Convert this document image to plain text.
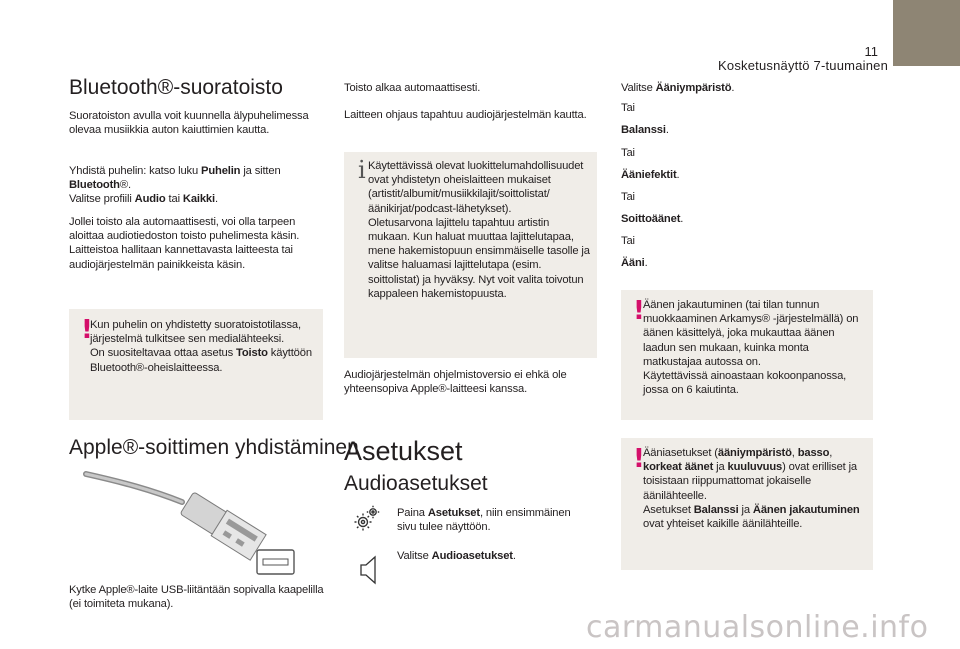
11
Kosketusnäyttö 7-tuumainen
Bluetooth®-suoratoisto
Suoratoiston avulla voit kuunnella älypuhelimessa olevaa musiikkia auton kaiuttimien kautta.
Yhdistä puhelin: katso luku Puhelin ja sitten
Bluetooth®.
Valitse profiili Audio tai Kaikki.
Jollei toisto ala automaattisesti, voi olla tarpeen aloittaa audiotiedoston toisto puhelimesta käsin.
Laitteistoa hallitaan kannettavasta laitteesta tai audiojärjestelmän painikkeista käsin.
!
Kun puhelin on yhdistetty suoratoistotilassa, järjestelmä tulkitsee sen medialähteeksi.
On suositeltavaa ottaa asetus Toisto käyttöön Bluetooth®-oheislaitteessa.
Apple®-soittimen yhdistäminen
Kytke Apple®-laite USB-liitäntään sopivalla kaapelilla (ei toimiteta mukana).
Toisto alkaa automaattisesti.
Laitteen ohjaus tapahtuu audiojärjestelmän kautta.
i Käytettävissä olevat luokittelumahdollisuudet ovat yhdistetyn oheislaitteen mukaiset (artistit/albumit/musiikkilajit/soittolistat/äänikirjat/podcast-lähetykset).
Oletusarvona lajittelu tapahtuu artistin mukaan. Kun haluat muuttaa lajittelutapaa, mene hakemistopuun ensimmäiselle tasolle ja valitse haluamasi lajittelutapa (esim. soittolistat) ja hyväksy. Nyt voit valita toivotun kappaleen hakemistopuusta.
Audiojärjestelmän ohjelmistoversio ei ehkä ole yhteensopiva Apple®-laitteesi kanssa.
Asetukset
Audioasetukset
Paina Asetukset, niin ensimmäinen sivu tulee näyttöön.
Valitse Audioasetukset.
Valitse Ääniympäristö.
Tai
Balanssi.
Tai
Ääniefektit.
Tai
Soittoäänet.
Tai
Ääni.
!
Äänen jakautuminen (tai tilan tunnun muokkaaminen Arkamys® -järjestelmällä) on äänen käsittelyä, joka mukauttaa äänen laadun sen mukaan, kuinka monta matkustajaa autossa on.
Käytettävissä ainoastaan kokoonpanossa, jossa on 6 kaiutinta.
!
Ääniasetukset (ääniympäristö, basso, korkeat äänet ja kuuluvuus) ovat erilliset ja toisistaan riippumattomat jokaiselle äänilähteelle.
Asetukset Balanssi ja Äänen jakautuminen ovat yhteiset kaikille äänilähteille.
carmanualsonline.info
